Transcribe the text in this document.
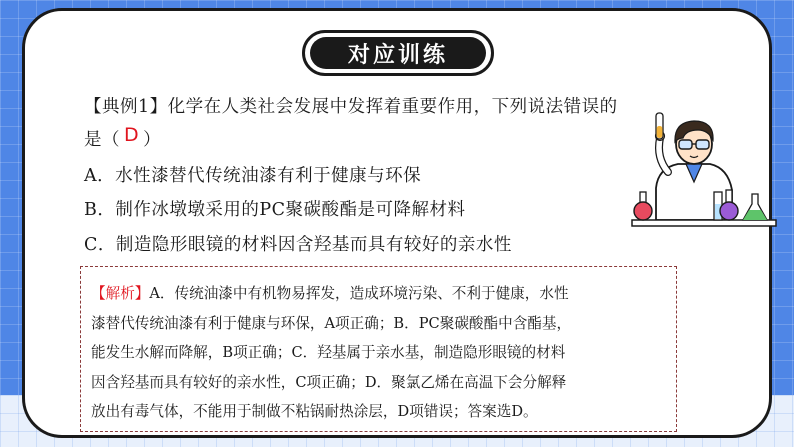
对应训练
【典例1】化学在人类社会发展中发挥着重要作用，下列说法错误的
是（ D ）
A．水性漆替代传统油漆有利于健康与环保
B．制作冰墩墩采用的PC聚碳酸酯是可降解材料
C．制造隐形眼镜的材料因含羟基而具有较好的亲水性
【解析】A．传统油漆中有机物易挥发，造成环境污染、不利于健康，水性
漆替代传统油漆有利于健康与环保，A项正确；B．PC聚碳酸酯中含酯基，
能发生水解而降解，B项正确；C．羟基属于亲水基，制造隐形眼镜的材料
因含羟基而具有较好的亲水性，C项正确；D．聚氯乙烯在高温下会分解释
放出有毒气体，不能用于制做不粘锅耐热涂层，D项错误；答案选D。
